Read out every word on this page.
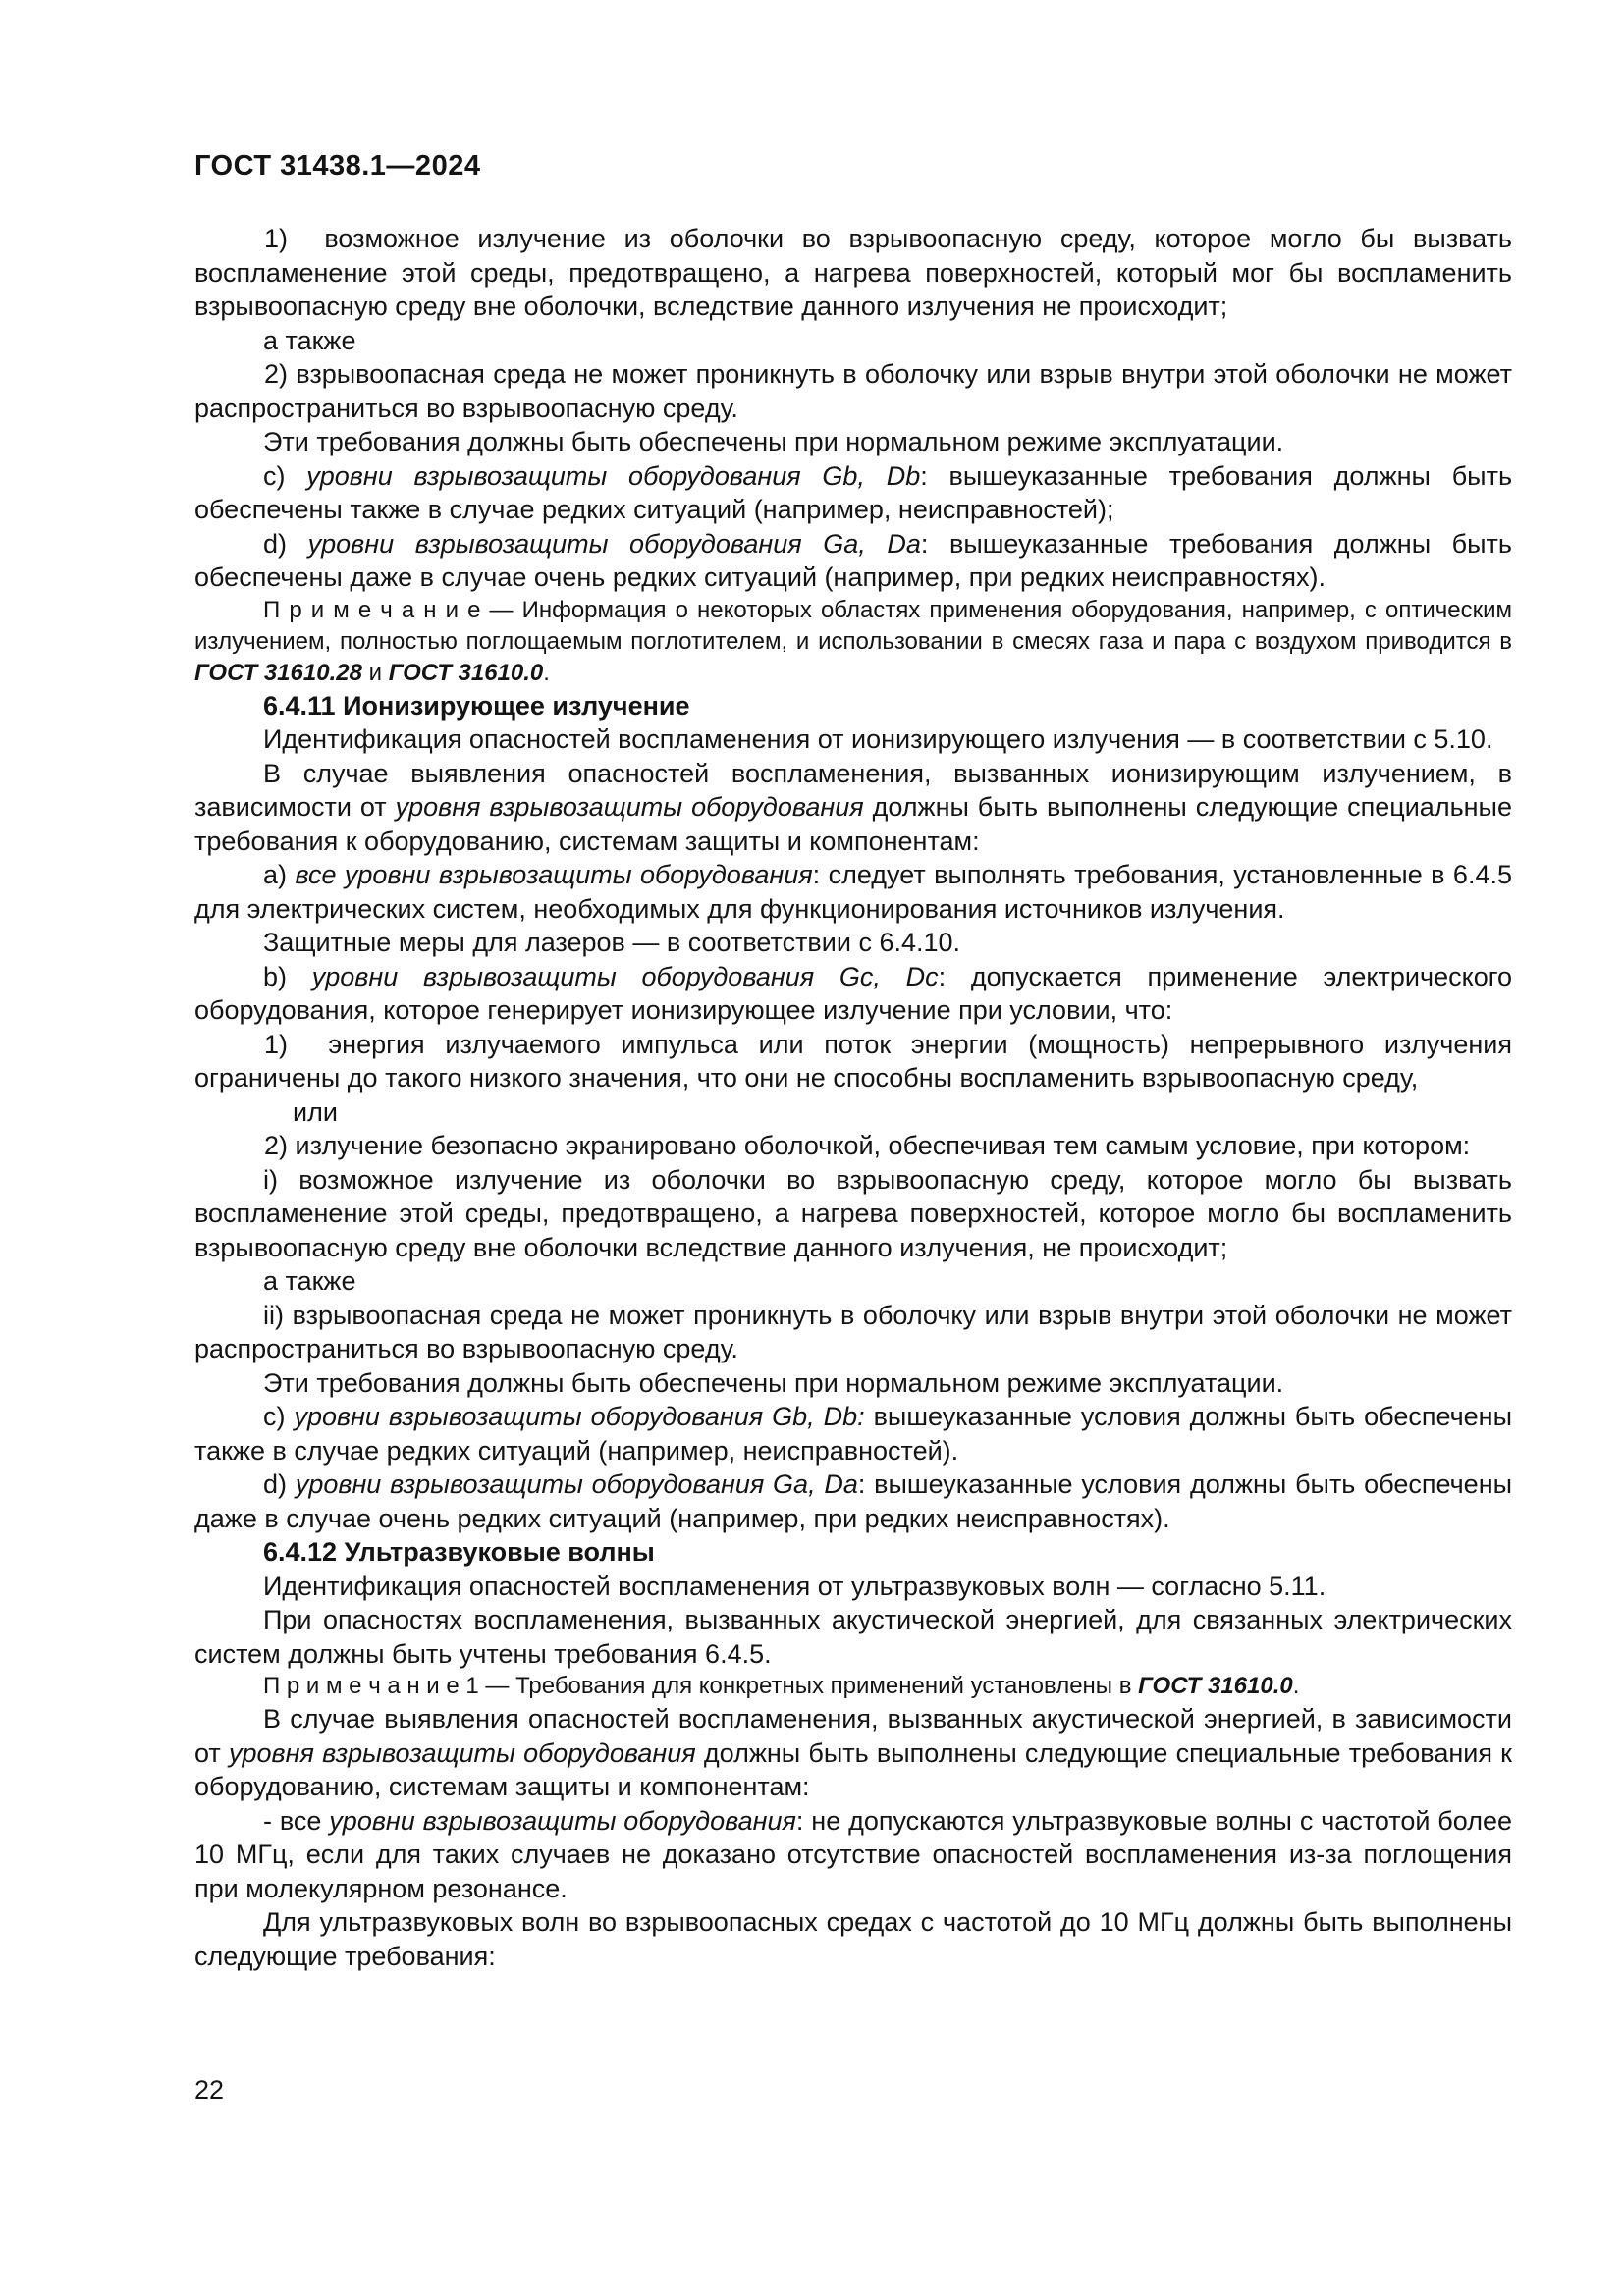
ГОСТ 31438.1—2024

1)  возможное излучение из оболочки во взрывоопасную среду, которое могло бы вызвать воспламенение этой среды, предотвращено, а нагрева поверхностей, который мог бы воспламенить взрывоопасную среду вне оболочки, вследствие данного излучения не происходит;

а также

2) взрывоопасная среда не может проникнуть в оболочку или взрыв внутри этой оболочки не может распространиться во взрывоопасную среду.

Эти требования должны быть обеспечены при нормальном режиме эксплуатации.

c) уровни взрывозащиты оборудования Gb, Db: вышеуказанные требования должны быть обеспечены также в случае редких ситуаций (например, неисправностей);

d) уровни взрывозащиты оборудования Ga, Da: вышеуказанные требования должны быть обеспечены даже в случае очень редких ситуаций (например, при редких неисправностях).

П р и м е ч а н и е — Информация о некоторых областях применения оборудования, например, с оптическим излучением, полностью поглощаемым поглотителем, и использовании в смесях газа и пара с воздухом приводится в ГОСТ 31610.28 и ГОСТ 31610.0.

6.4.11 Ионизирующее излучение

Идентификация опасностей воспламенения от ионизирующего излучения — в соответствии с 5.10.

В случае выявления опасностей воспламенения, вызванных ионизирующим излучением, в зависимости от уровня взрывозащиты оборудования должны быть выполнены следующие специальные требования к оборудованию, системам защиты и компонентам:

a) все уровни взрывозащиты оборудования: следует выполнять требования, установленные в 6.4.5 для электрических систем, необходимых для функционирования источников излучения.

Защитные меры для лазеров — в соответствии с 6.4.10.

b) уровни взрывозащиты оборудования Gc, Dc: допускается применение электрического оборудования, которое генерирует ионизирующее излучение при условии, что:

1)  энергия излучаемого импульса или поток энергии (мощность) непрерывного излучения ограничены до такого низкого значения, что они не способны воспламенить взрывоопасную среду,

или

2) излучение безопасно экранировано оболочкой, обеспечивая тем самым условие, при котором:

i) возможное излучение из оболочки во взрывоопасную среду, которое могло бы вызвать воспламенение этой среды, предотвращено, а нагрева поверхностей, которое могло бы воспламенить взрывоопасную среду вне оболочки вследствие данного излучения, не происходит;

а также

ii) взрывоопасная среда не может проникнуть в оболочку или взрыв внутри этой оболочки не может распространиться во взрывоопасную среду.

Эти требования должны быть обеспечены при нормальном режиме эксплуатации.

c) уровни взрывозащиты оборудования Gb, Db: вышеуказанные условия должны быть обеспечены также в случае редких ситуаций (например, неисправностей).

d) уровни взрывозащиты оборудования Ga, Da: вышеуказанные условия должны быть обеспечены даже в случае очень редких ситуаций (например, при редких неисправностях).

6.4.12 Ультразвуковые волны

Идентификация опасностей воспламенения от ультразвуковых волн — согласно 5.11.

При опасностях воспламенения, вызванных акустической энергией, для связанных электрических систем должны быть учтены требования 6.4.5.

П р и м е ч а н и е 1 — Требования для конкретных применений установлены в ГОСТ 31610.0.

В случае выявления опасностей воспламенения, вызванных акустической энергией, в зависимости от уровня взрывозащиты оборудования должны быть выполнены следующие специальные требования к оборудованию, системам защиты и компонентам:

- все уровни взрывозащиты оборудования: не допускаются ультразвуковые волны с частотой более 10 МГц, если для таких случаев не доказано отсутствие опасностей воспламенения из-за поглощения при молекулярном резонансе.

Для ультразвуковых волн во взрывоопасных средах с частотой до 10 МГц должны быть выполнены следующие требования:

22
